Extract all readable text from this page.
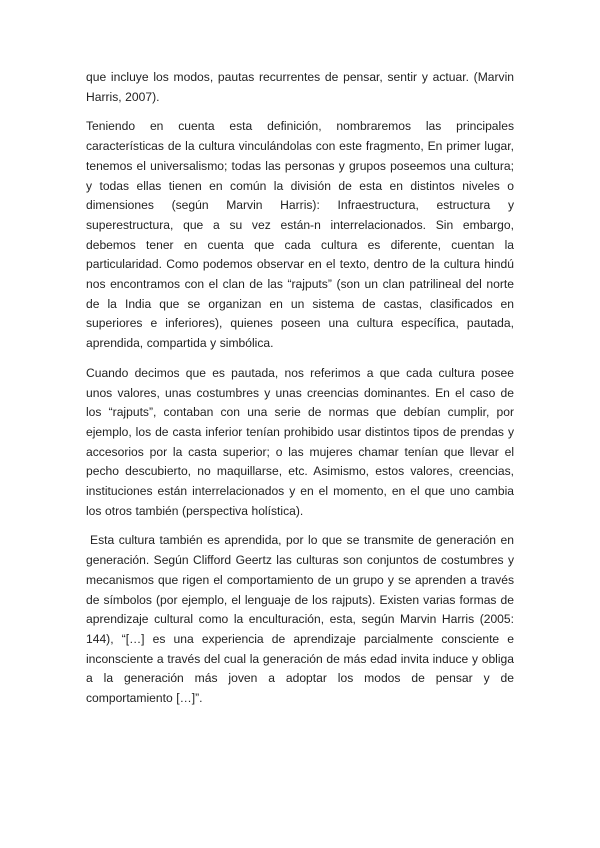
que incluye los modos, pautas recurrentes de pensar, sentir y actuar. (Marvin Harris, 2007).

Teniendo en cuenta esta definición, nombraremos las principales características de la cultura vinculándolas con este fragmento, En primer lugar, tenemos el universalismo; todas las personas y grupos poseemos una cultura; y todas ellas tienen en común la división de esta en distintos niveles o dimensiones (según Marvin Harris): Infraestructura, estructura y superestructura, que a su vez están-n interrelacionados. Sin embargo, debemos tener en cuenta que cada cultura es diferente, cuentan la particularidad. Como podemos observar en el texto, dentro de la cultura hindú nos encontramos con el clan de las “rajputs” (son un clan patrilineal del norte de la India que se organizan en un sistema de castas, clasificados en superiores e inferiores), quienes poseen una cultura específica, pautada, aprendida, compartida y simbólica.

Cuando decimos que es pautada, nos referimos a que cada cultura posee unos valores, unas costumbres y unas creencias dominantes. En el caso de los “rajputs”, contaban con una serie de normas que debían cumplir, por ejemplo, los de casta inferior tenían prohibido usar distintos tipos de prendas y accesorios por la casta superior; o las mujeres chamar tenían que llevar el pecho descubierto, no maquillarse, etc. Asimismo, estos valores, creencias, instituciones están interrelacionados y en el momento, en el que uno cambia los otros también (perspectiva holística).

Esta cultura también es aprendida, por lo que se transmite de generación en generación. Según Clifford Geertz las culturas son conjuntos de costumbres y mecanismos que rigen el comportamiento de un grupo y se aprenden a través de símbolos (por ejemplo, el lenguaje de los rajputs). Existen varias formas de aprendizaje cultural como la enculturación, esta, según Marvin Harris (2005: 144), “[…] es una experiencia de aprendizaje parcialmente consciente e inconsciente a través del cual la generación de más edad invita induce y obliga a la generación más joven a adoptar los modos de pensar y de comportamiento […]”.
